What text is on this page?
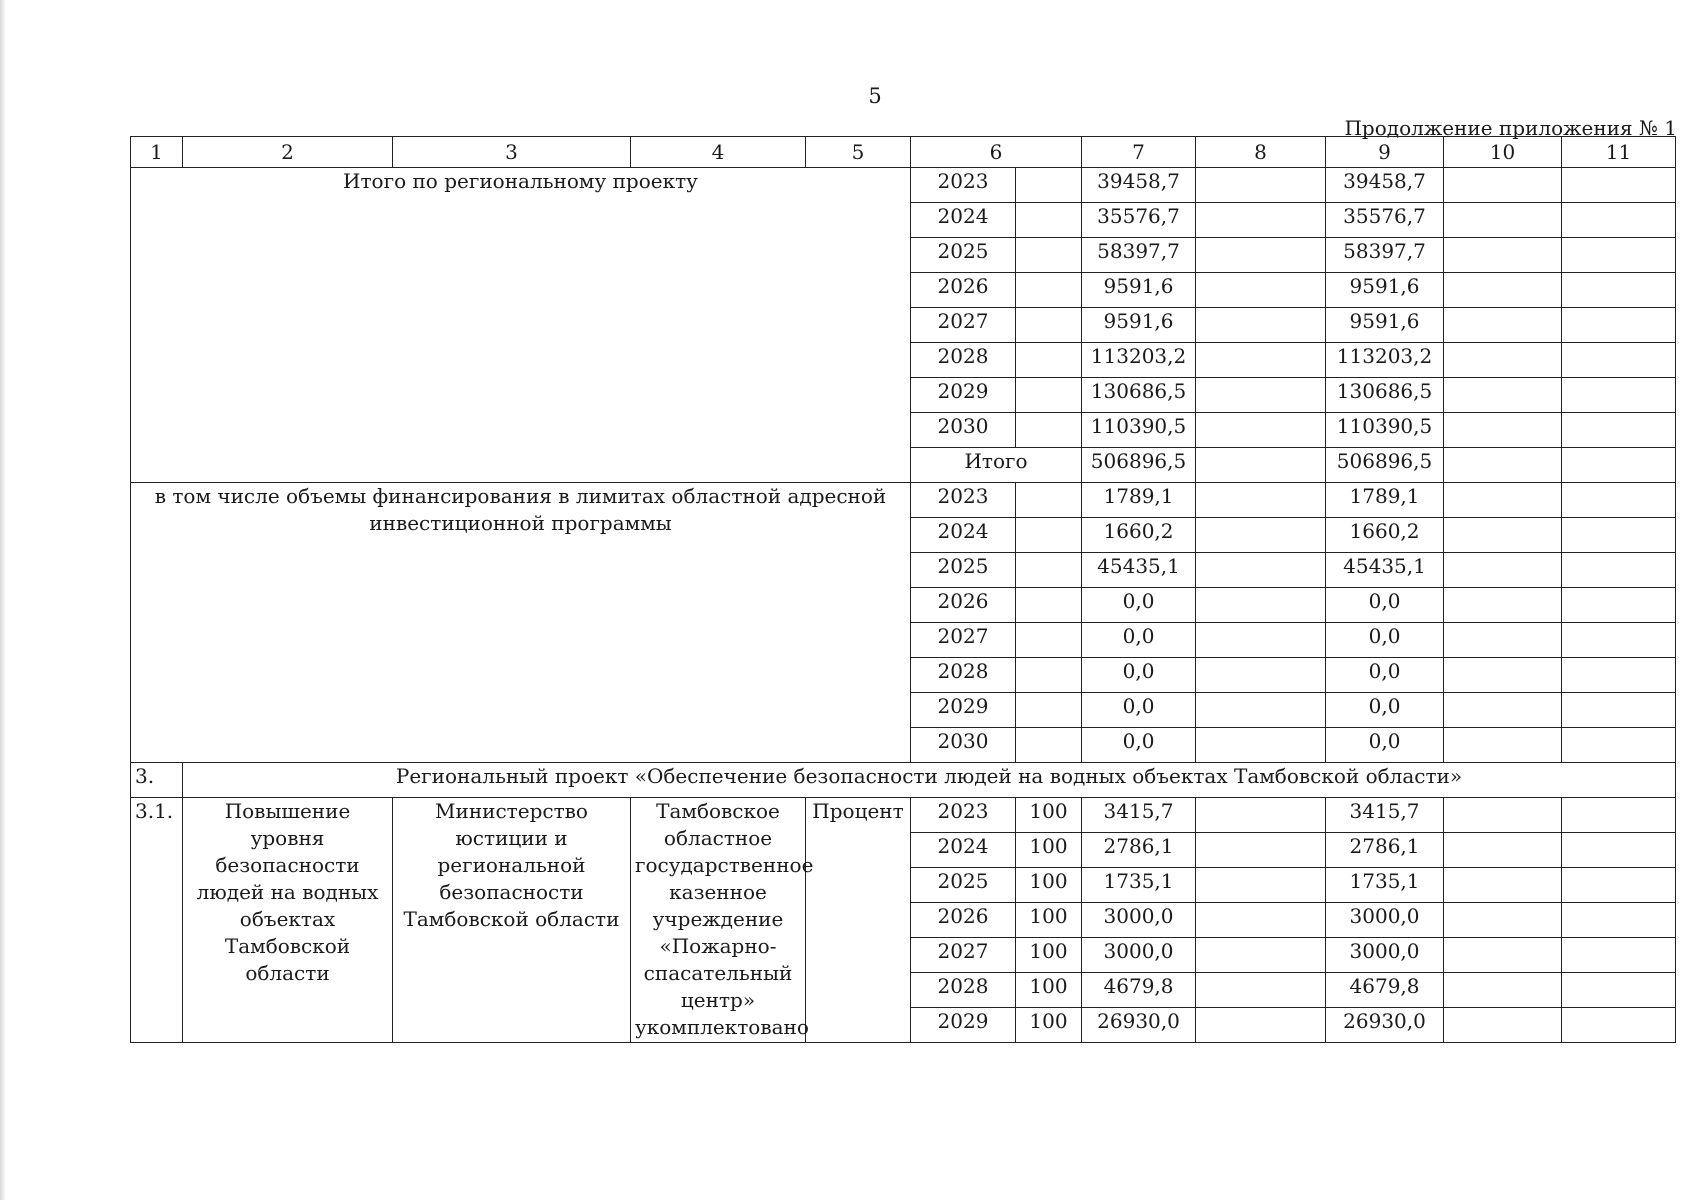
5
Продолжение приложения № 1
1	2	3	4	5	6		7	8	9	10	11
Итого по региональному проекту					2023		39458,7		39458,7		
					2024		35576,7		35576,7		
					2025		58397,7		58397,7		
					2026		9591,6		9591,6		
					2027		9591,6		9591,6		
					2028		113203,2		113203,2		
					2029		130686,5		130686,5		
					2030		110390,5		110390,5		
					Итого		506896,5		506896,5		
в том числе объемы финансирования в лимитах областной адресной инвестиционной программы					2023		1789,1		1789,1		
					2024		1660,2		1660,2		
					2025		45435,1		45435,1		
					2026		0,0		0,0		
					2027		0,0		0,0		
					2028		0,0		0,0		
					2029		0,0		0,0		
					2030		0,0		0,0		
3.	Региональный проект «Обеспечение безопасности людей на водных объектах Тамбовской области»										
3.1.	Повышение уровня безопасности людей на водных объектах Тамбовской области	Министерство юстиции и региональной безопасности Тамбовской области	Тамбовское областное государственное казенное учреждение «Пожарно-спасательный центр» укомплектовано	Процент	2023	100	3415,7		3415,7		
					2024	100	2786,1		2786,1		
					2025	100	1735,1		1735,1		
					2026	100	3000,0		3000,0		
					2027	100	3000,0		3000,0		
					2028	100	4679,8		4679,8		
					2029	100	26930,0		26930,0		
